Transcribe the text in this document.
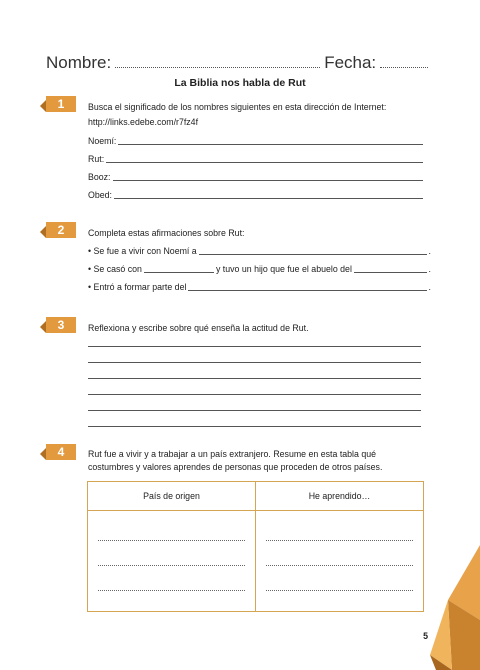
Nombre:	Fecha:
La Biblia nos habla de Rut
1	Busca el significado de los nombres siguientes en esta dirección de Internet:
http://links.edebe.com/r7fz4f
Noemí:
Rut:
Booz:
Obed:
2	Completa estas afirmaciones sobre Rut:
• Se fue a vivir con Noemí a	.
• Se casó con	y tuvo un hijo que fue el abuelo del	.
• Entró a formar parte del	.
3	Reflexiona y escribe sobre qué enseña la actitud de Rut.
4	Rut fue a vivir y a trabajar a un país extranjero. Resume en esta tabla qué
costumbres y valores aprendes de personas que proceden de otros países.
País de origen	He aprendido…

5
